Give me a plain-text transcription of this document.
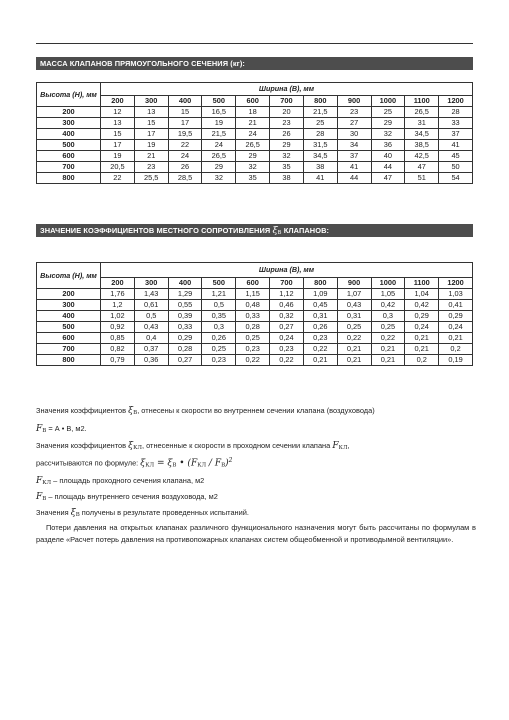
МАССА КЛАПАНОВ ПРЯМОУГОЛЬНОГО СЕЧЕНИЯ (кг):
Высота (Н), мм	Ширина (В), мм										
	200	300	400	500	600	700	800	900	1000	1100	1200
200	12	13	15	16,5	18	20	21,5	23	25	26,5	28
300	13	15	17	19	21	23	25	27	29	31	33
400	15	17	19,5	21,5	24	26	28	30	32	34,5	37
500	17	19	22	24	26,5	29	31,5	34	36	38,5	41
600	19	21	24	26,5	29	32	34,5	37	40	42,5	45
700	20,5	23	26	29	32	35	38	41	44	47	50
800	22	25,5	28,5	32	35	38	41	44	47	51	54
ЗНАЧЕНИЕ КОЭФФИЦИЕНТОВ МЕСТНОГО СОПРОТИВЛЕНИЯ ξВ КЛАПАНОВ:
Высота (Н), мм	Ширина (В), мм										
	200	300	400	500	600	700	800	900	1000	1100	1200
200	1,76	1,43	1,29	1,21	1,15	1,12	1,09	1,07	1,05	1,04	1,03
300	1,2	0,61	0,55	0,5	0,48	0,46	0,45	0,43	0,42	0,42	0,41
400	1,02	0,5	0,39	0,35	0,33	0,32	0,31	0,31	0,3	0,29	0,29
500	0,92	0,43	0,33	0,3	0,28	0,27	0,26	0,25	0,25	0,24	0,24
600	0,85	0,4	0,29	0,26	0,25	0,24	0,23	0,22	0,22	0,21	0,21
700	0,82	0,37	0,28	0,25	0,23	0,23	0,22	0,21	0,21	0,21	0,2
800	0,79	0,36	0,27	0,23	0,22	0,22	0,21	0,21	0,21	0,2	0,19
Значения коэффициентов ξВ, отнесены к скорости во внутреннем сечении клапана (воздуховода)
FВ = А • В, м2.
Значения коэффициентов ξКЛ, отнесенные к скорости в проходном сечении клапана FКЛ,
рассчитываются по формуле: ξКЛ = ξВ • (FКЛ / FВ)$^2$
FКЛ – площадь проходного сечения клапана, м2
FВ – площадь внутреннего сечения воздуховода, м2
Значения ξВ получены в результате проведенных испытаний.
Потери давления на открытых клапанах различного функционального назначения могут быть рассчитаны по формулам в разделе «Расчет потерь давления на противопожарных клапанах систем общеобменной и противодымной вентиляции».
